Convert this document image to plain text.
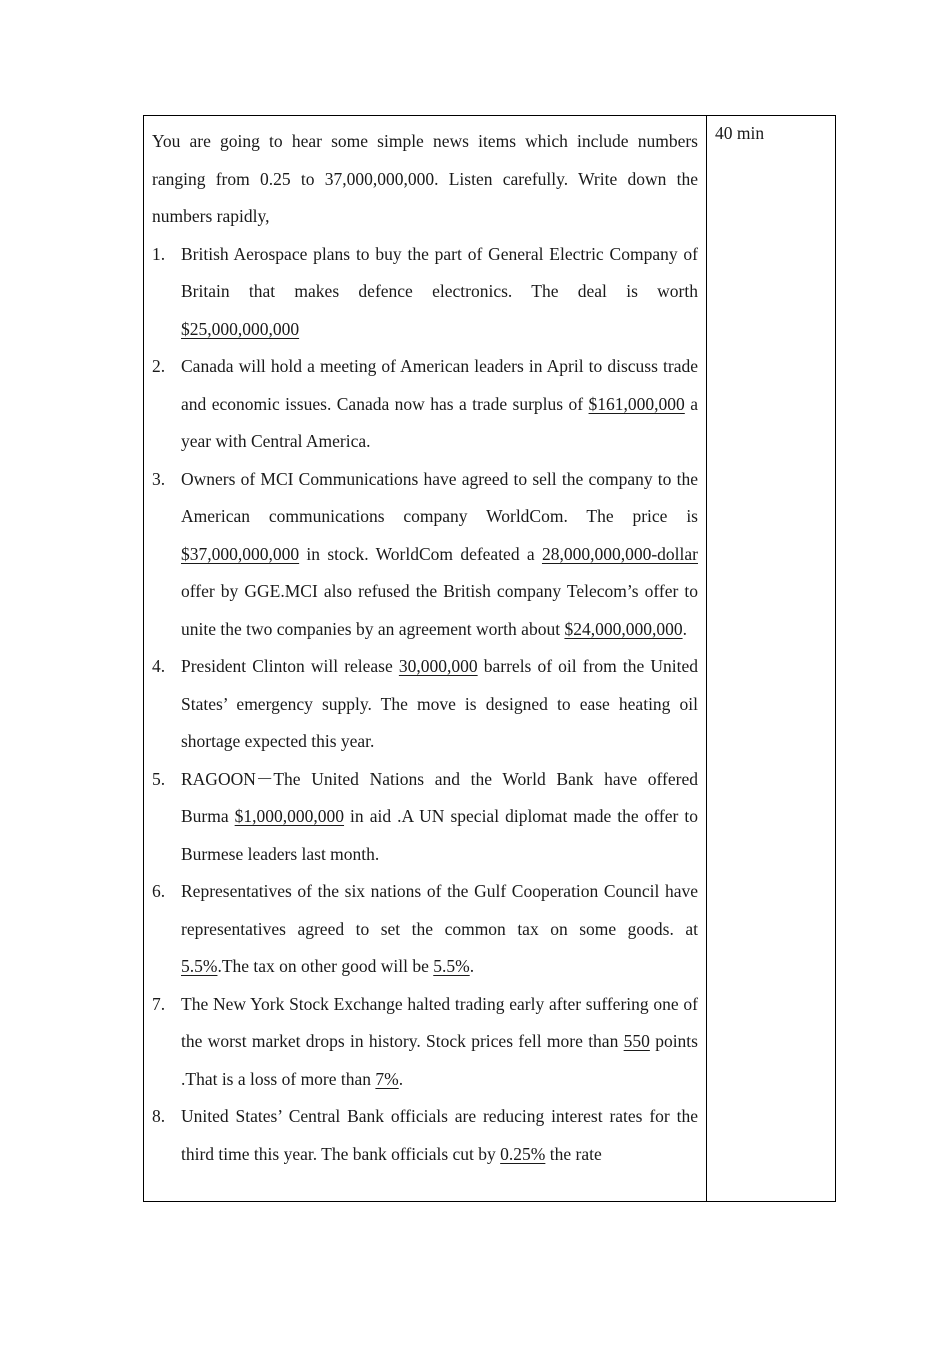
You are going to hear some simple news items which include numbers ranging from 0.25 to 37,000,000,000. Listen carefully. Write down the numbers rapidly,

1. British Aerospace plans to buy the part of General Electric Company of Britain that makes defence electronics. The deal is worth $25,000,000,000
2. Canada will hold a meeting of American leaders in April to discuss trade and economic issues. Canada now has a trade surplus of $161,000,000 a year with Central America.
3. Owners of MCI Communications have agreed to sell the company to the American communications company WorldCom. The price is $37,000,000,000 in stock. WorldCom defeated a 28,000,000,000-dollar offer by GGE.MCI also refused the British company Telecom’s offer to unite the two companies by an agreement worth about $24,000,000,000.
4. President Clinton will release 30,000,000 barrels of oil from the United States’ emergency supply. The move is designed to ease heating oil shortage expected this year.
5. RAGOON－The United Nations and the World Bank have offered Burma $1,000,000,000 in aid .A UN special diplomat made the offer to Burmese leaders last month.
6. Representatives of the six nations of the Gulf Cooperation Council have representatives agreed to set the common tax on some goods. at 5.5%.The tax on other good will be 5.5%.
7. The New York Stock Exchange halted trading early after suffering one of the worst market drops in history. Stock prices fell more than 550 points .That is a loss of more than 7%.
8. United States’ Central Bank officials are reducing interest rates for the third time this year. The bank officials cut by 0.25% the rate
40 min
